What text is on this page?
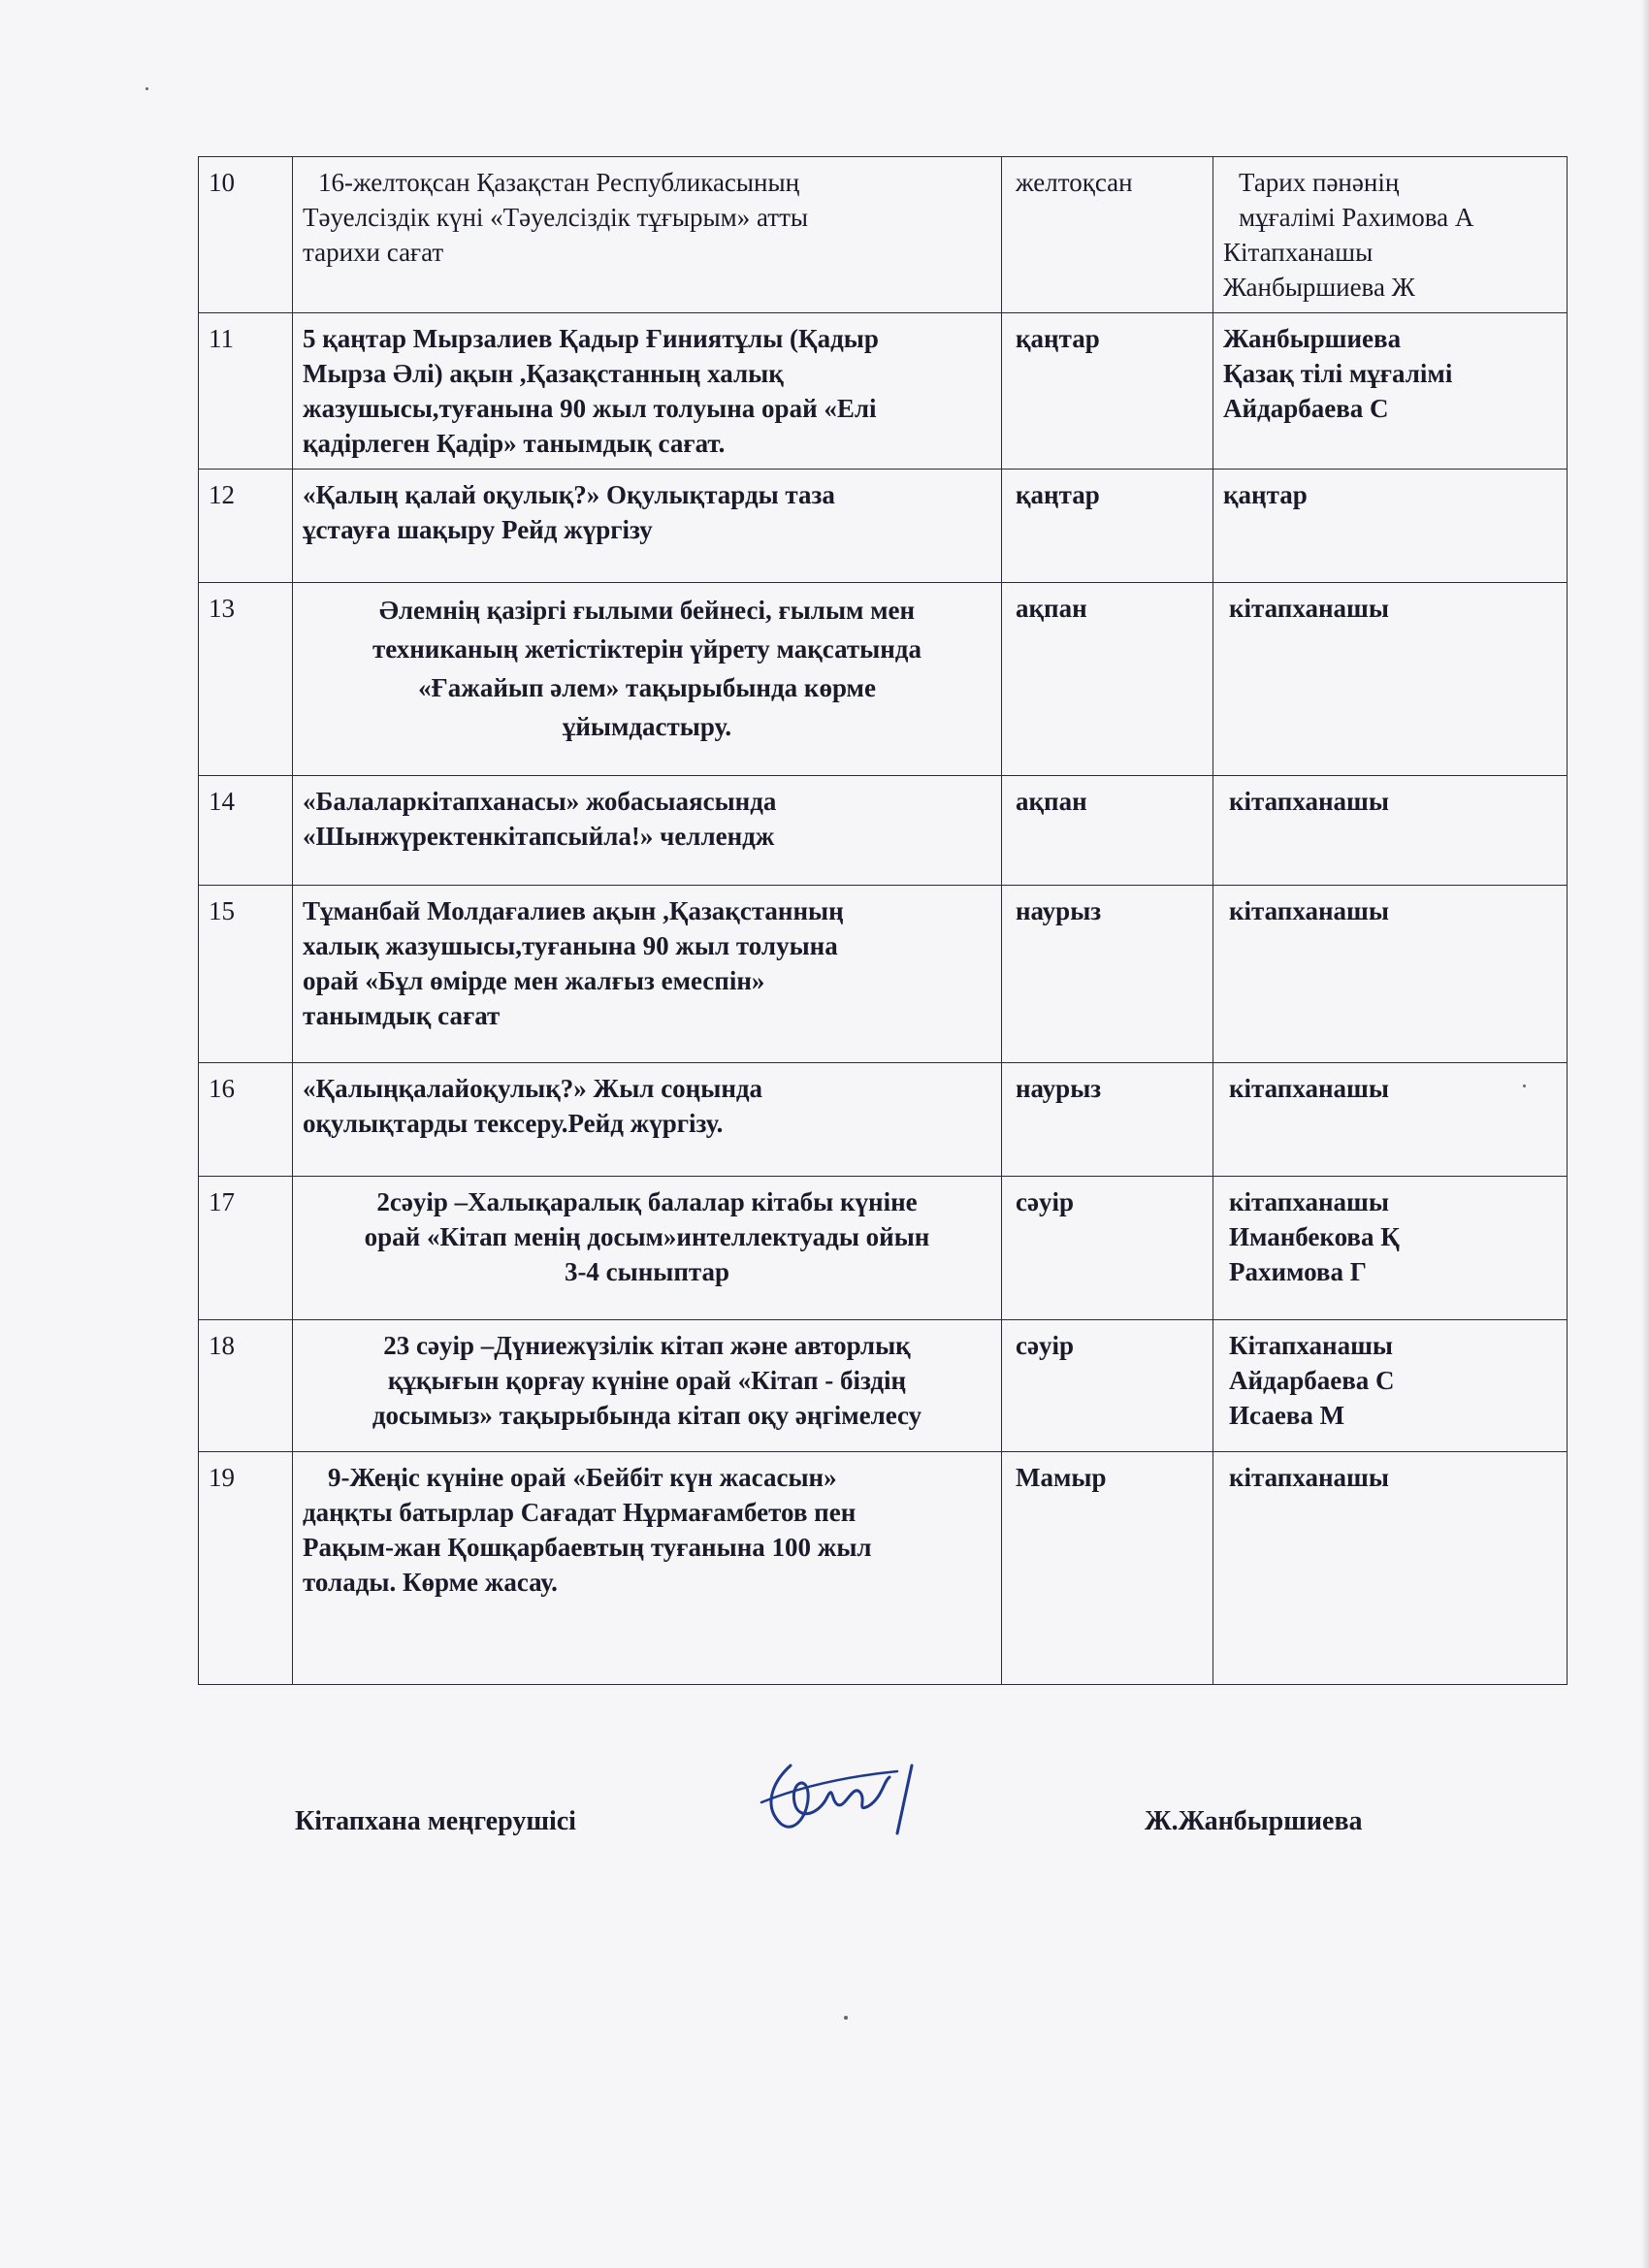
10	16-желтоқсан Қазақстан Республикасының
Тәуелсіздік күні «Тәуелсіздік тұғырым» атты
тарихи сағат	желтоқсан	Тарих пәнәнің
мұғалімі Рахимова А
Кітапханашы
Жанбыршиева Ж

11	5 қаңтар Мырзалиев Қадыр Ғиниятұлы (Қадыр
Мырза Әлі) ақын ,Қазақстанның халық
жазушысы,туғанына 90 жыл толуына орай «Елі
қадірлеген Қадір» танымдық сағат.	қаңтар	Жанбыршиева
Қазақ тілі мұғалімі
Айдарбаева С

12	«Қалың қалай оқулық?» Оқулықтарды таза
ұстауға шақыру Рейд жүргізу	қаңтар	қаңтар

13	Әлемнің қазіргі ғылыми бейнесі, ғылым мен
техниканың жетістіктерін үйрету мақсатында
«Ғажайып әлем» тақырыбында көрме
ұйымдастыру.	ақпан	кітапханашы

14	«Балаларкітапханасы» жобасыаясында
«Шынжүректенкітапсыйла!» челлендж	ақпан	кітапханашы

15	Тұманбай Молдағалиев ақын ,Қазақстанның
халық жазушысы,туғанына 90 жыл толуына
орай «Бұл өмірде мен жалғыз емеспін»
танымдық сағат	наурыз	кітапханашы

16	«Қалыңқалайоқулық?» Жыл соңында
оқулықтарды тексеру.Рейд жүргізу.	наурыз	кітапханашы

17	2сәуір –Халықаралық балалар кітабы күніне
орай «Кітап менің досым»интеллектуады ойын
3-4 сыныптар	сәуір	кітапханашы
Иманбекова Қ
Рахимова Г

18	23 сәуір –Дүниежүзілік кітап және авторлық
құқығын қорғау күніне орай «Кітап - біздің
досымыз» тақырыбында кітап оқу әңгімелесу	сәуір	Кітапханашы
Айдарбаева С
Исаева М

19	9-Жеңіс күніне орай «Бейбіт күн жасасын»
даңқты батырлар Сағадат Нұрмағамбетов пен
Рақым-жан Қошқарбаевтың туғанына 100 жыл
толады. Көрме жасау.	Мамыр	кітапханашы
Кітапхана меңгерушісі	Ж.Жанбыршиева
